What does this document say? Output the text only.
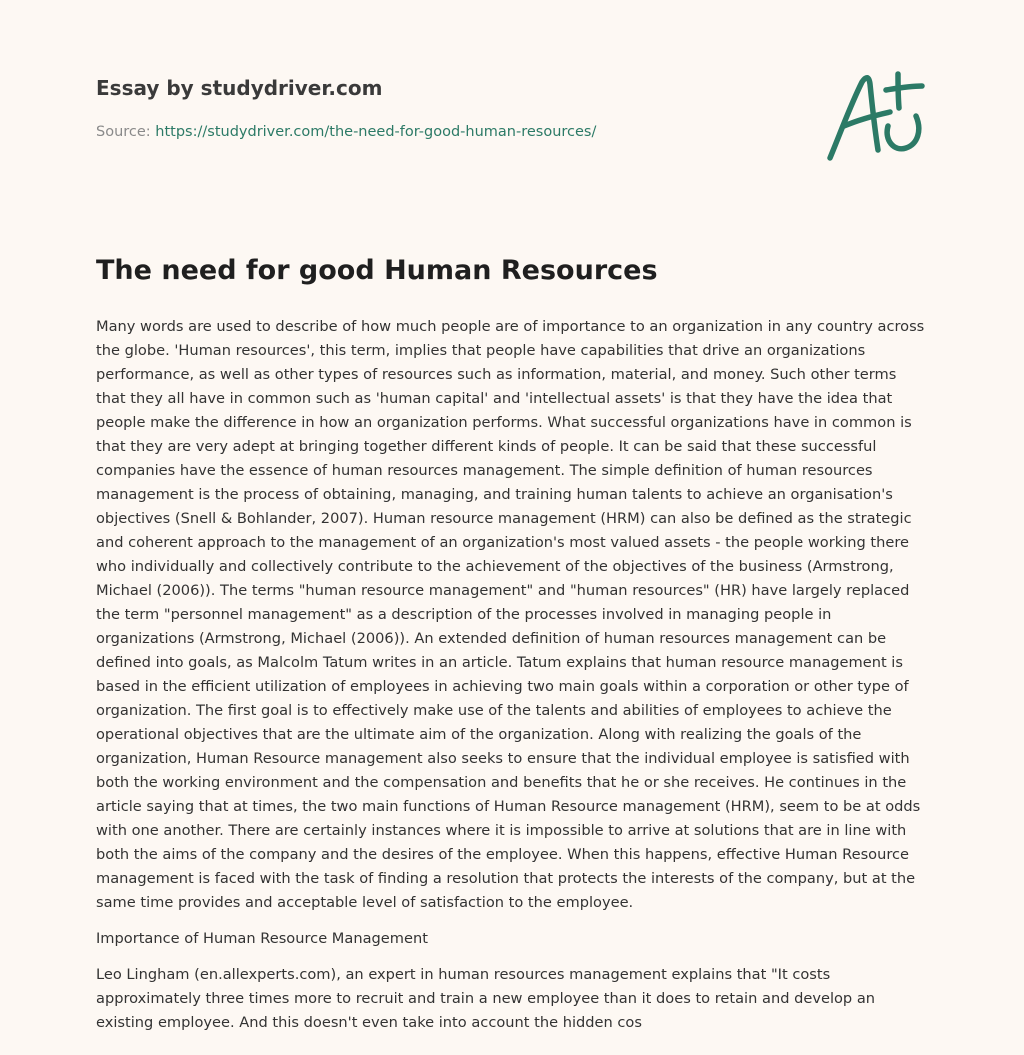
Essay by studydriver.com
Source: https://studydriver.com/the-need-for-good-human-resources/
The need for good Human Resources

Many words are used to describe of how much people are of importance to an organization in any country across the globe. 'Human resources', this term, implies that people have capabilities that drive an organizations performance, as well as other types of resources such as information, material, and money. Such other terms that they all have in common such as 'human capital' and 'intellectual assets' is that they have the idea that people make the difference in how an organization performs. What successful organizations have in common is that they are very adept at bringing together different kinds of people. It can be said that these successful companies have the essence of human resources management. The simple definition of human resources management is the process of obtaining, managing, and training human talents to achieve an organisation's objectives (Snell & Bohlander, 2007). Human resource management (HRM) can also be defined as the strategic and coherent approach to the management of an organization's most valued assets - the people working there who individually and collectively contribute to the achievement of the objectives of the business (Armstrong, Michael (2006)). The terms "human resource management" and "human resources" (HR) have largely replaced the term "personnel management" as a description of the processes involved in managing people in organizations (Armstrong, Michael (2006)). An extended definition of human resources management can be defined into goals, as Malcolm Tatum writes in an article. Tatum explains that human resource management is based in the efficient utilization of employees in achieving two main goals within a corporation or other type of organization. The first goal is to effectively make use of the talents and abilities of employees to achieve the operational objectives that are the ultimate aim of the organization. Along with realizing the goals of the organization, Human Resource management also seeks to ensure that the individual employee is satisfied with both the working environment and the compensation and benefits that he or she receives. He continues in the article saying that at times, the two main functions of Human Resource management (HRM), seem to be at odds with one another. There are certainly instances where it is impossible to arrive at solutions that are in line with both the aims of the company and the desires of the employee. When this happens, effective Human Resource management is faced with the task of finding a resolution that protects the interests of the company, but at the same time provides and acceptable level of satisfaction to the employee.

Importance of Human Resource Management

Leo Lingham (en.allexperts.com), an expert in human resources management explains that "It costs approximately three times more to recruit and train a new employee than it does to retain and develop an existing employee. And this doesn't even take into account the hidden cos
